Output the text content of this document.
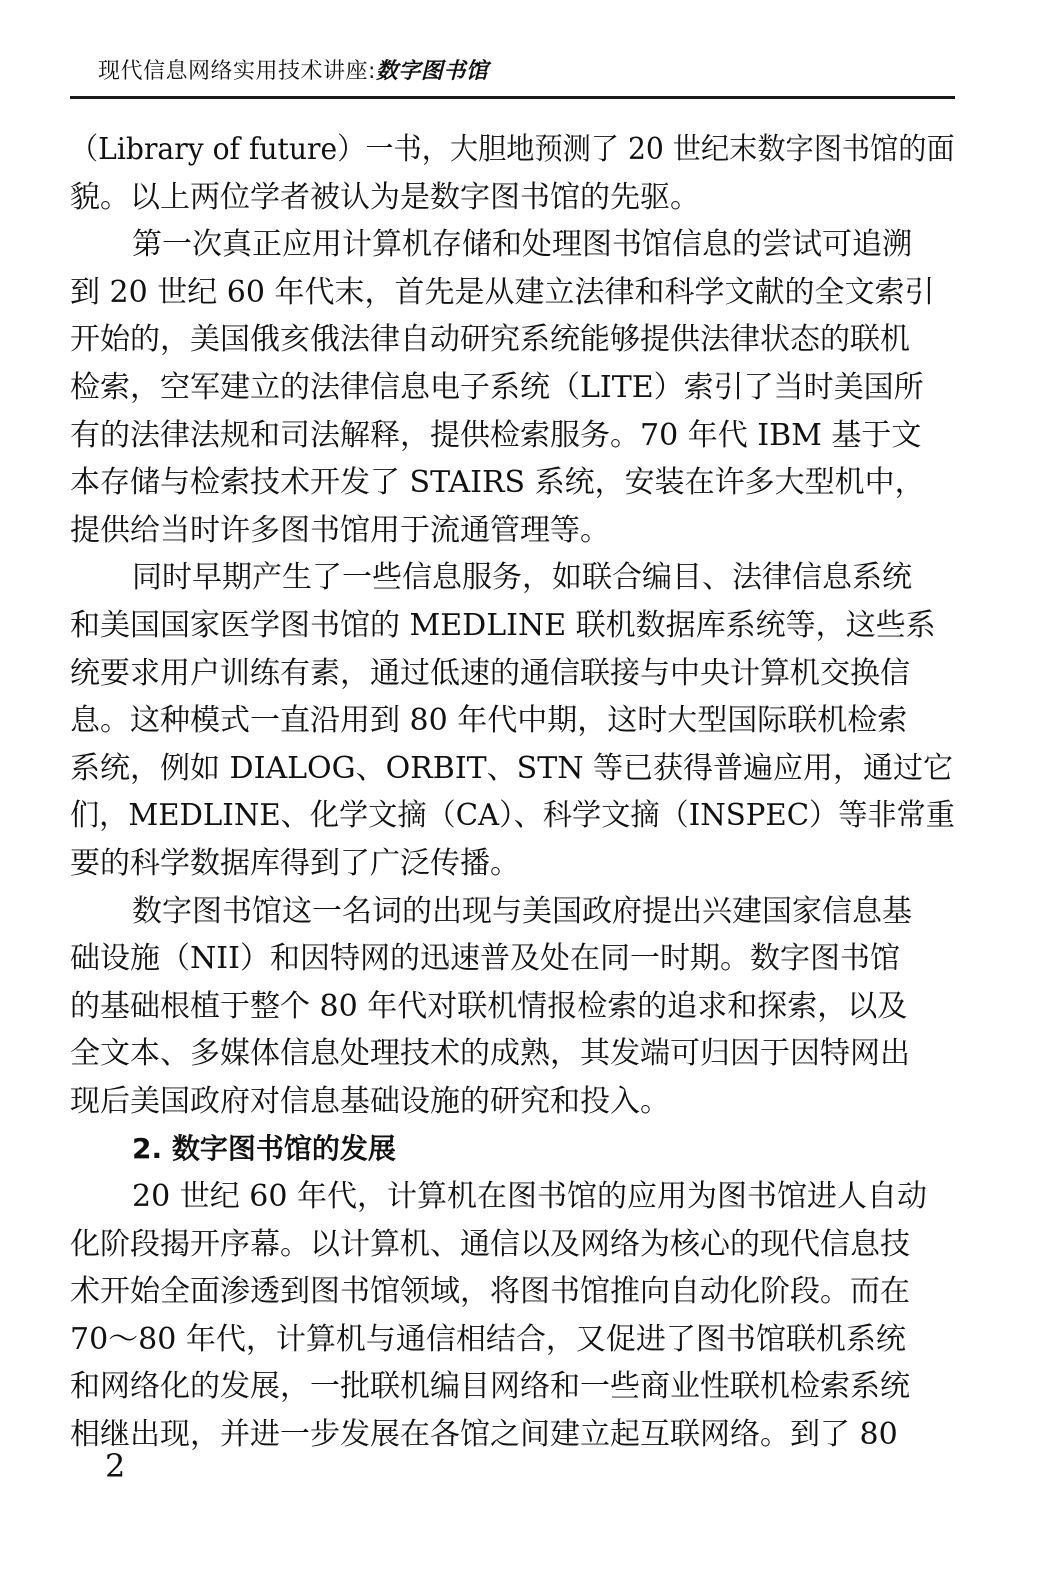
现代信息网络实用技术讲座:数字图书馆
（Library of future）一书，大胆地预测了 20 世纪末数字图书馆的面
貌。以上两位学者被认为是数字图书馆的先驱。
第一次真正应用计算机存储和处理图书馆信息的尝试可追溯
到 20 世纪 60 年代末，首先是从建立法律和科学文献的全文索引
开始的，美国俄亥俄法律自动研究系统能够提供法律状态的联机
检索，空军建立的法律信息电子系统（LITE）索引了当时美国所
有的法律法规和司法解释，提供检索服务。70 年代 IBM 基于文
本存储与检索技术开发了 STAIRS 系统，安装在许多大型机中，
提供给当时许多图书馆用于流通管理等。
同时早期产生了一些信息服务，如联合编目、法律信息系统
和美国国家医学图书馆的 MEDLINE 联机数据库系统等，这些系
统要求用户训练有素，通过低速的通信联接与中央计算机交换信
息。这种模式一直沿用到 80 年代中期，这时大型国际联机检索
系统，例如 DIALOG、ORBIT、STN 等已获得普遍应用，通过它
们，MEDLINE、化学文摘（CA）、科学文摘（INSPEC）等非常重
要的科学数据库得到了广泛传播。
数字图书馆这一名词的出现与美国政府提出兴建国家信息基
础设施（NII）和因特网的迅速普及处在同一时期。数字图书馆
的基础根植于整个 80 年代对联机情报检索的追求和探索，以及
全文本、多媒体信息处理技术的成熟，其发端可归因于因特网出
现后美国政府对信息基础设施的研究和投入。
2. 数字图书馆的发展
20 世纪 60 年代，计算机在图书馆的应用为图书馆进人自动
化阶段揭开序幕。以计算机、通信以及网络为核心的现代信息技
术开始全面渗透到图书馆领域，将图书馆推向自动化阶段。而在
70～80 年代，计算机与通信相结合，又促进了图书馆联机系统
和网络化的发展，一批联机编目网络和一些商业性联机检索系统
相继出现，并进一步发展在各馆之间建立起互联网络。到了 80
2
